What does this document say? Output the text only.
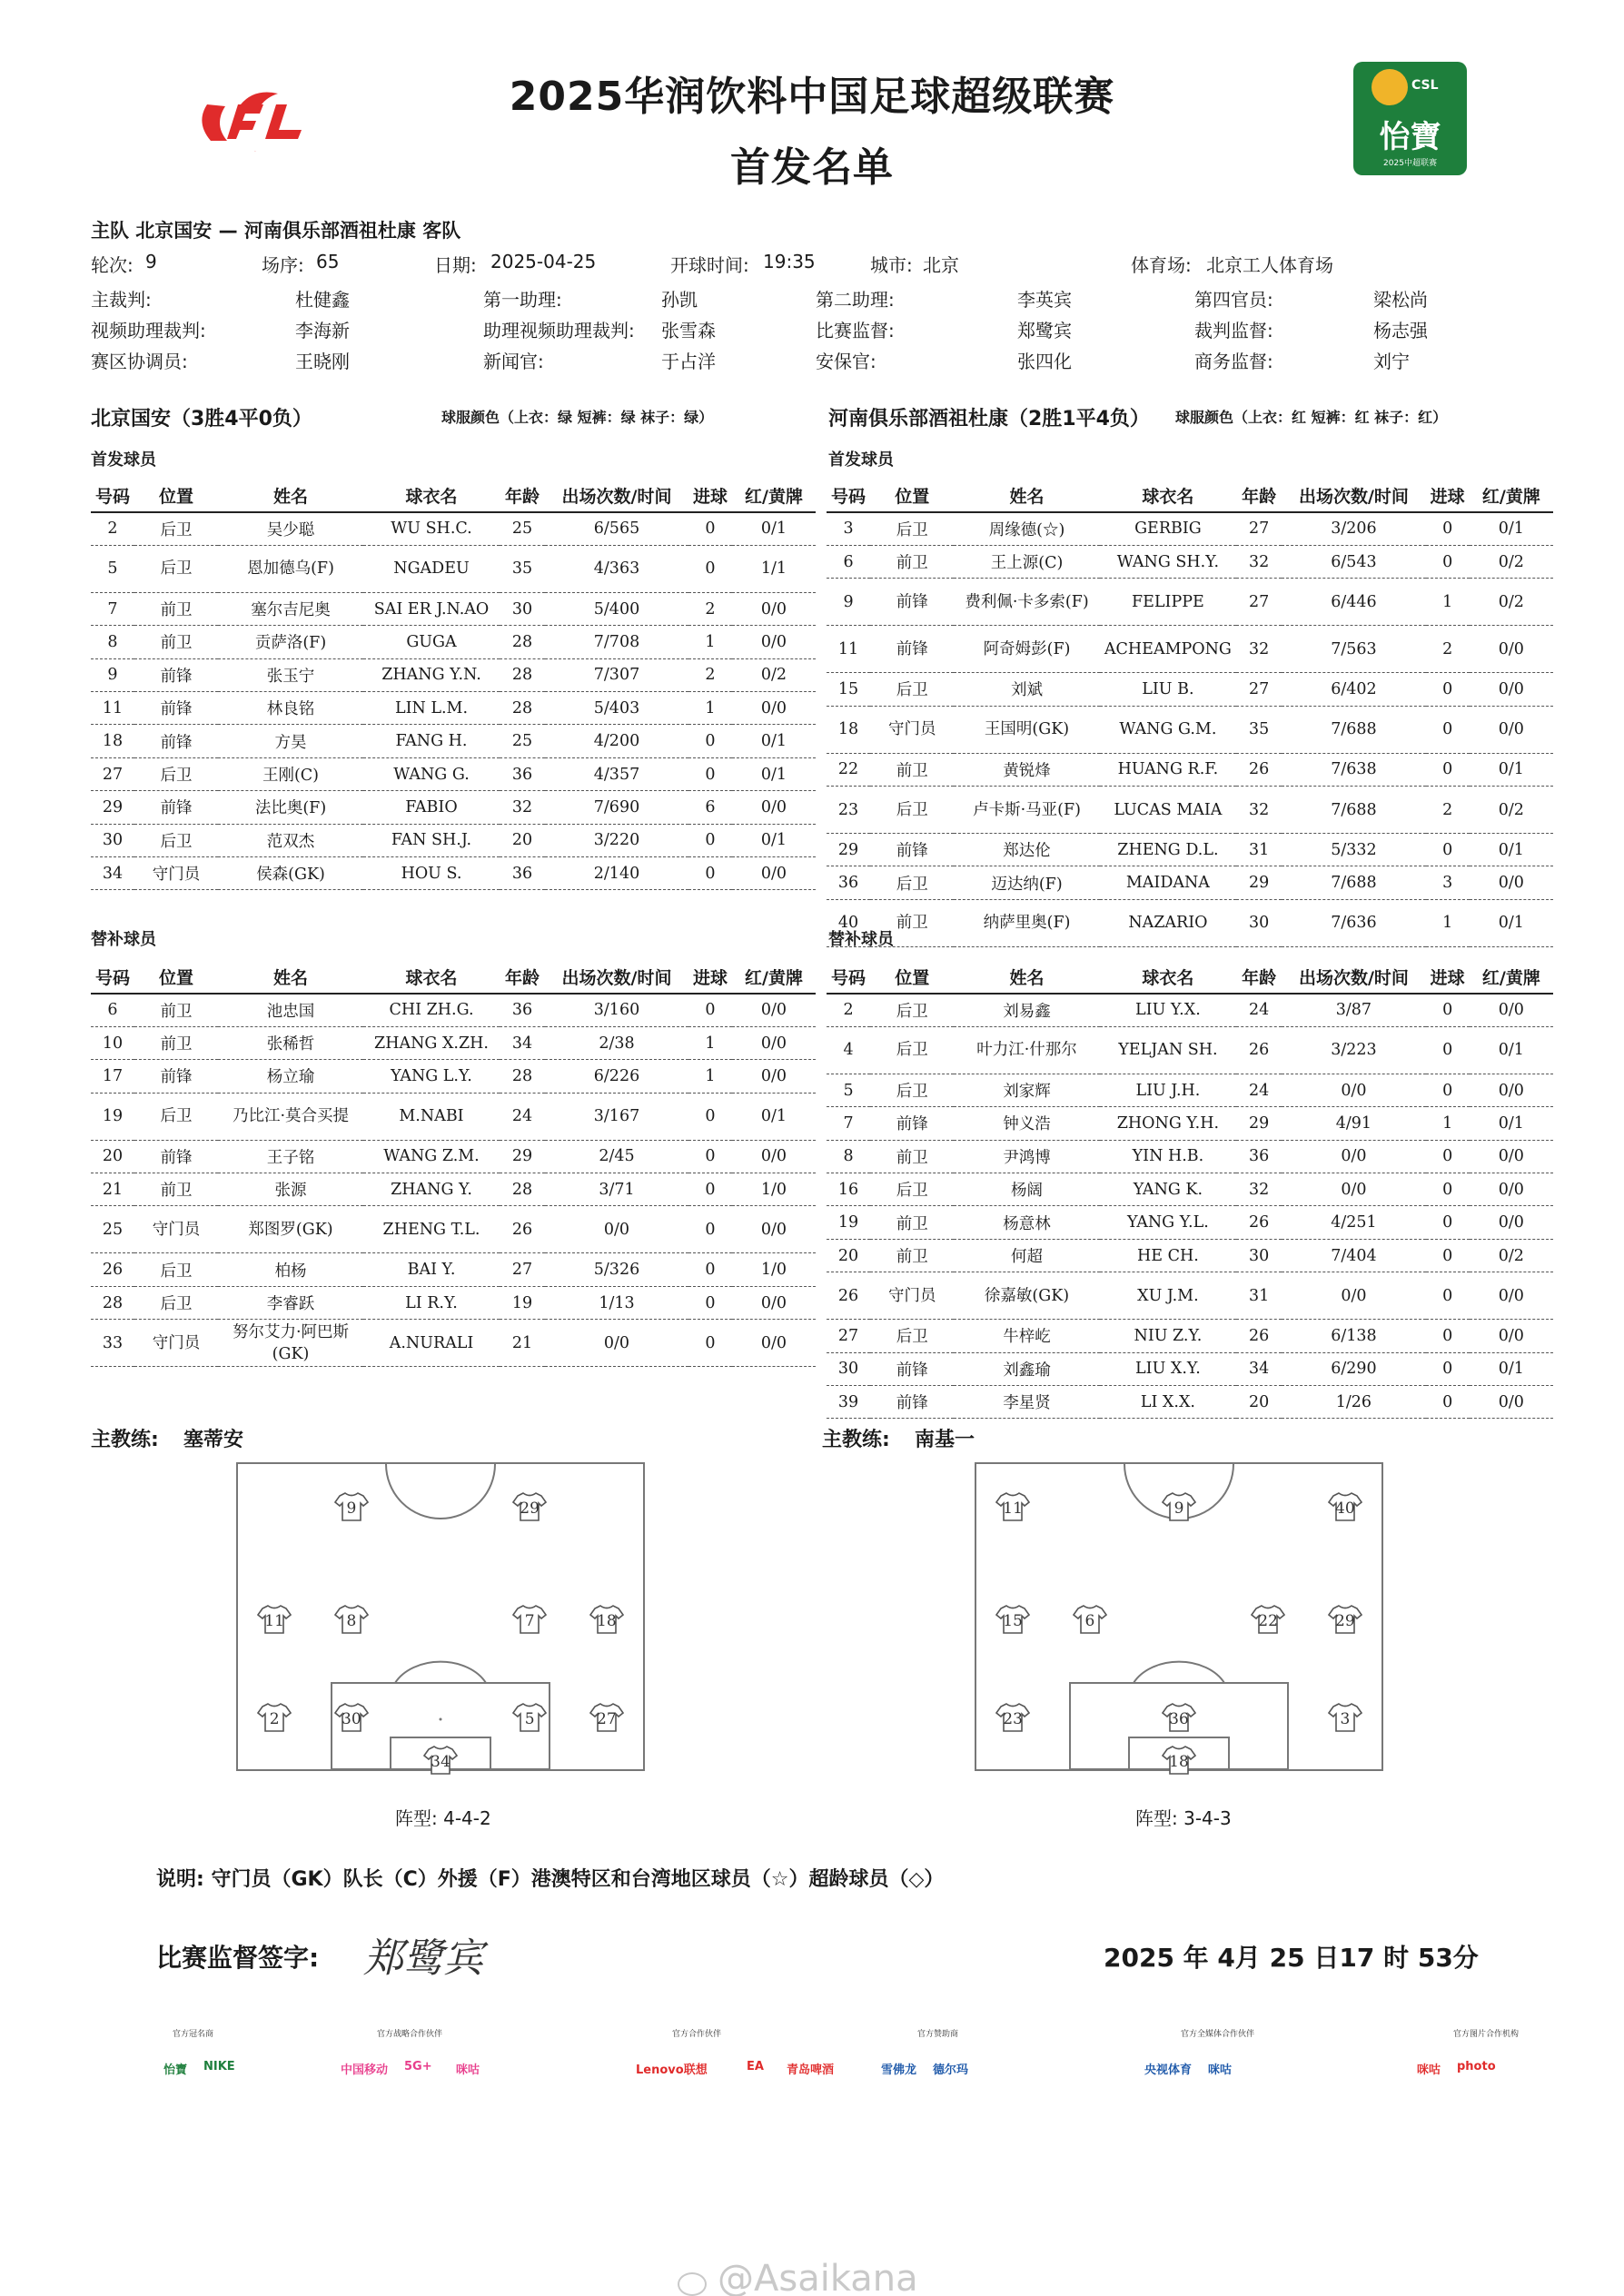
CFL
2025华润饮料中国足球超级联赛
首发名单
CSL
怡寶
2025中超联赛
主队 北京国安 — 河南俱乐部酒祖杜康 客队
轮次: 9	场序: 65	日期: 2025-04-25	开球时间: 19:35	城市: 北京	体育场: 北京工人体育场
主裁判:	杜健鑫	第一助理:	孙凯	第二助理:	李英宾	第四官员:	梁松尚
视频助理裁判:	李海新	助理视频助理裁判: 张雪森	比赛监督:	郑鹭宾	裁判监督:	杨志强
赛区协调员:	王晓刚	新闻官:	于占洋	安保官:	张四化	商务监督:	刘宁
北京国安（3胜4平0负）	球服颜色（上衣：绿 短裤：绿 袜子：绿）	河南俱乐部酒祖杜康（2胜1平4负） 球服颜色（上衣：红 短裤：红 袜子：红）
首发球员	首发球员
号码	位置	姓名	球衣名	年龄	出场次数/时间	进球	红/黄牌
2	后卫	吴少聪	WU SH.C.	25	6/565	0	0/1
5	后卫	恩加德乌(F)	NGADEU	35	4/363	0	1/1
7	前卫	塞尔吉尼奥	SAI ER J.N.AO	30	5/400	2	0/0
8	前卫	贡萨洛(F)	GUGA	28	7/708	1	0/0
9	前锋	张玉宁	ZHANG Y.N.	28	7/307	2	0/2
11	前锋	林良铭	LIN L.M.	28	5/403	1	0/0
18	前锋	方昊	FANG H.	25	4/200	0	0/1
27	后卫	王刚(C)	WANG G.	36	4/357	0	0/1
29	前锋	法比奥(F)	FABIO	32	7/690	6	0/0
30	后卫	范双杰	FAN SH.J.	20	3/220	0	0/1
34	守门员	侯森(GK)	HOU S.	36	2/140	0	0/0
号码	位置	姓名	球衣名	年龄	出场次数/时间	进球	红/黄牌
3	后卫	周缘德(☆)	GERBIG	27	3/206	0	0/1
6	前卫	王上源(C)	WANG SH.Y.	32	6/543	0	0/2
9	前锋	费利佩·卡多索(F)	FELIPPE	27	6/446	1	0/2
11	前锋	阿奇姆彭(F)	ACHEAMPONG	32	7/563	2	0/0
15	后卫	刘斌	LIU B.	27	6/402	0	0/0
18	守门员	王国明(GK)	WANG G.M.	35	7/688	0	0/0
22	前卫	黄锐烽	HUANG R.F.	26	7/638	0	0/1
23	后卫	卢卡斯·马亚(F)	LUCAS MAIA	32	7/688	2	0/2
29	前锋	郑达伦	ZHENG D.L.	31	5/332	0	0/1
36	后卫	迈达纳(F)	MAIDANA	29	7/688	3	0/0
40	前卫	纳萨里奥(F)	NAZARIO	30	7/636	1	0/1
替补球员	替补球员
号码	位置	姓名	球衣名	年龄	出场次数/时间	进球	红/黄牌
6	前卫	池忠国	CHI ZH.G.	36	3/160	0	0/0
10	前卫	张稀哲	ZHANG X.ZH.	34	2/38	1	0/0
17	前锋	杨立瑜	YANG L.Y.	28	6/226	1	0/0
19	后卫	乃比江·莫合买提	M.NABI	24	3/167	0	0/1
20	前锋	王子铭	WANG Z.M.	29	2/45	0	0/0
21	前卫	张源	ZHANG Y.	28	3/71	0	1/0
25	守门员	郑图罗(GK)	ZHENG T.L.	26	0/0	0	0/0
26	后卫	柏杨	BAI Y.	27	5/326	0	1/0
28	后卫	李睿跃	LI R.Y.	19	1/13	0	0/0
33	守门员	努尔艾力·阿巴斯(GK)	A.NURALI	21	0/0	0	0/0
号码	位置	姓名	球衣名	年龄	出场次数/时间	进球	红/黄牌
2	后卫	刘易鑫	LIU Y.X.	24	3/87	0	0/0
4	后卫	叶力江·什那尔	YELJAN SH.	26	3/223	0	0/1
5	后卫	刘家辉	LIU J.H.	24	0/0	0	0/0
7	前锋	钟义浩	ZHONG Y.H.	29	4/91	1	0/1
8	前卫	尹鸿博	YIN H.B.	36	0/0	0	0/0
16	后卫	杨阔	YANG K.	32	0/0	0	0/0
19	前卫	杨意林	YANG Y.L.	26	4/251	0	0/0
20	前卫	何超	HE CH.	30	7/404	0	0/2
26	守门员	徐嘉敏(GK)	XU J.M.	31	0/0	0	0/0
27	后卫	牛梓屹	NIU Z.Y.	26	6/138	0	0/0
30	前锋	刘鑫瑜	LIU X.Y.	34	6/290	0	0/1
39	前锋	李星贤	LI X.X.	20	1/26	0	0/0
主教练: 塞蒂安	主教练: 南基一
9	29
11	8	7	18
2	30	5	27
34
11	9	40
15	6	22	29
23	36	3
18
阵型: 4-4-2	阵型: 3-4-3
说明: 守门员（GK）队长（C）外援（F）港澳特区和台湾地区球员（☆）超龄球员（◇）
比赛监督签字: 郑鹭宾	2025 年 4月 25 日17 时 53分
官方冠名商
怡寶 NIKE
官方战略合作伙伴
中国移动 5G+ 咪咕
官方合作伙伴
Lenovo联想	EA 青岛啤酒
官方赞助商
雪佛龙 德尔玛
官方全媒体合作伙伴
央视体育 咪咕
官方图片合作机构
咪咕 photo
@Asaikana
